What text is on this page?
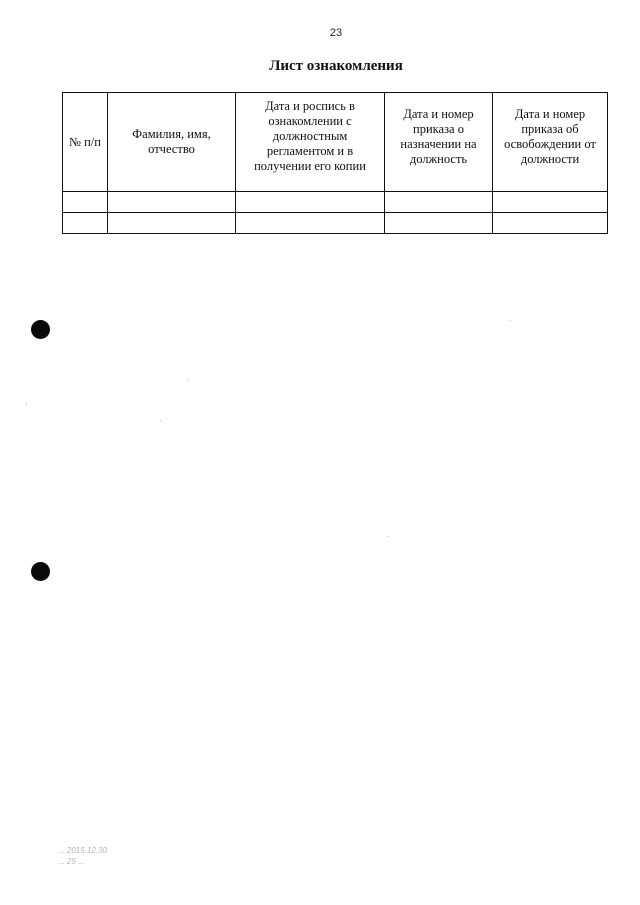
23
Лист ознакомления
№ п/п	Фамилия, имя, отчество	Дата и роспись в ознакомлении с должностным регламентом и в получении его копии	Дата и номер приказа о назначении на должность	Дата и номер приказа об освобождении от должности

... 2015.12.30
... 25 ...
